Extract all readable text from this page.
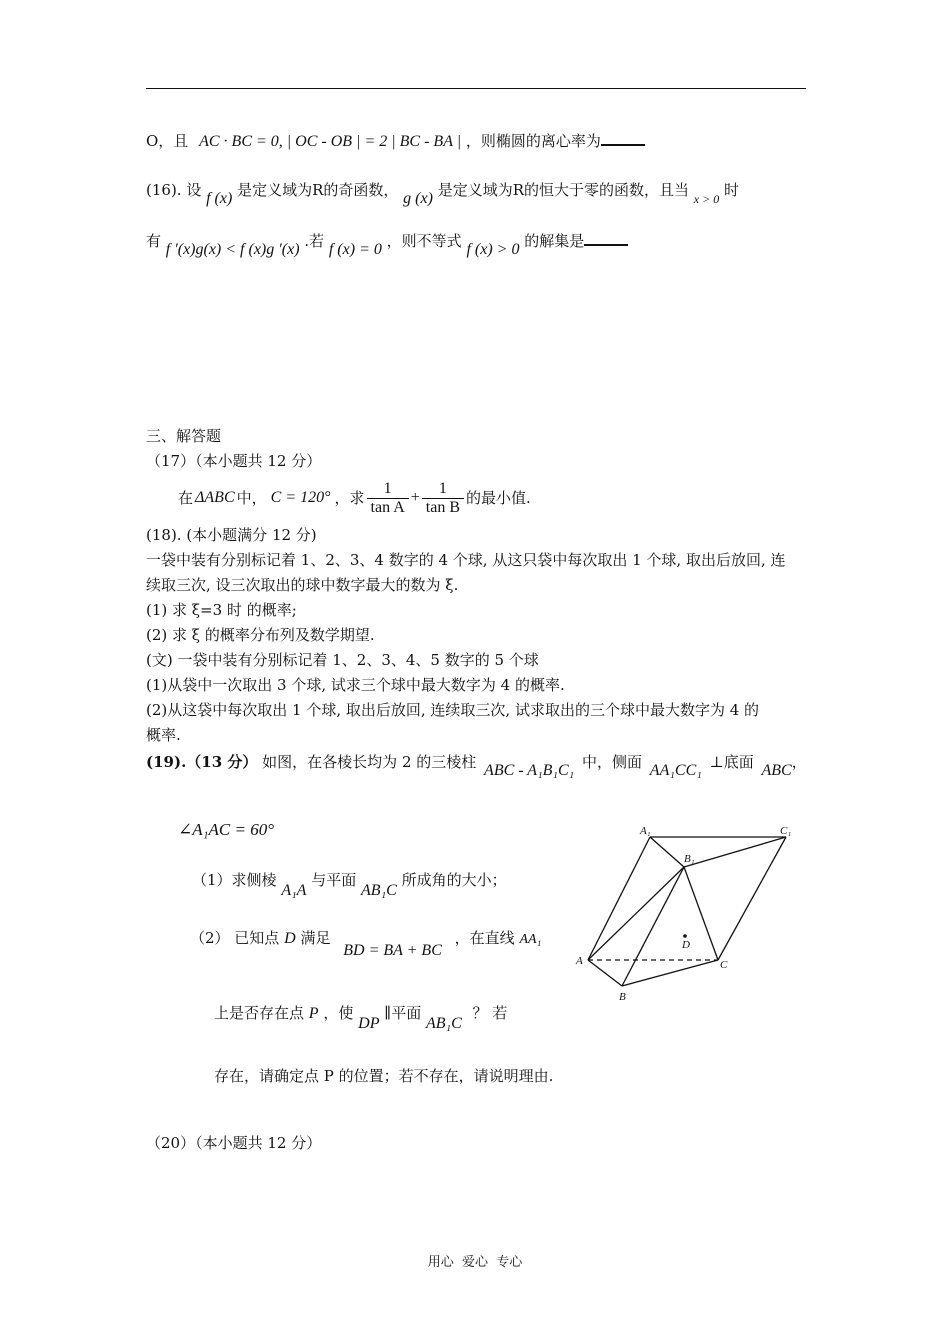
O，且 AC · BC = 0, | OC - OB | = 2 | BC - BA | ，则椭圆的离心率为
(16). 设 f (x) 是定义域为R的奇函数， g (x) 是定义域为R的恒大于零的函数，且当 $_{x > 0}$ 时
有 f ′(x)g(x) < f (x)g ′(x) .若 f (x) = 0 ，则不等式 f (x) > 0 的解集是
三、解答题
（17）（本小题共 12 分）
在 ΔABC 中， C = 120° ，求 $\frac{1}{\text{tan A}} + \frac{1}{\text{tan B}}$ 的最小值.
(18). (本小题满分 12 分)
一袋中装有分别标记着 1、2、3、4 数字的 4 个球, 从这只袋中每次取出 1 个球, 取出后放回, 连
续取三次, 设三次取出的球中数字最大的数为 ξ.
(1) 求 ξ=3 时 的概率;
(2) 求 ξ 的概率分布列及数学期望.
(文) 一袋中装有分别标记着 1、2、3、4、5 数字的 5 个球
(1)从袋中一次取出 3 个球, 试求三个球中最大数字为 4 的概率.
(2)从这袋中每次取出 1 个球, 取出后放回, 连续取三次, 试求取出的三个球中最大数字为 4 的
概率.
(19).（13 分） 如图，在各棱长均为 2 的三棱柱 ABC - A₁B₁C₁ 中，侧面 AA₁CC₁ ⊥底面 ABC，
∠A₁AC = 60°
（1）求侧棱 A₁A 与平面 AB₁C 所成角的大小；
（2） 已知点 D 满足 BD = BA + BC ，在直线 AA₁
上是否存在点 P ，使 DP ∥平面 AB₁C ？ 若
存在，请确定点 P 的位置；若不存在，请说明理由.
A₁	C₁
B₁
A	C
B
D
（20）（本小题共 12 分）
用心  爱心  专心
